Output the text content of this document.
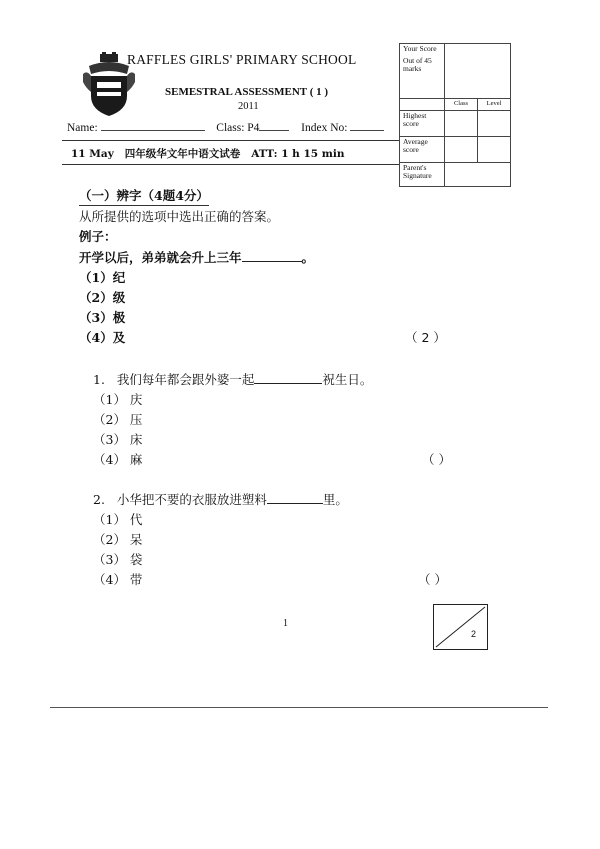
RAFFLES GIRLS' PRIMARY SCHOOL
SEMESTRAL ASSESSMENT ( 1 )
2011
Name:	Class: P4	Index No:
11 May 四年级华文年中语文试卷 ATT: 1 h 15 min
Your Score
Out of 45 marks		

	Class	Level
Highest score		
Average score		
Parent's Signature		
（一）辨字（4题4分）
从所提供的选项中选出正确的答案。
例子：
开学以后，弟弟就会升上三年	。
（1）纪
（2）级
（3）极
（4）及	（ 2 ）
1. 我们每年都会跟外婆一起	祝生日。
（1） 庆
（2） 压
（3） 床
（4） 麻	（ ）
2. 小华把不要的衣服放进塑料	里。
（1） 代
（2） 呆
（3） 袋
（4） 带	（ ）
1
2
